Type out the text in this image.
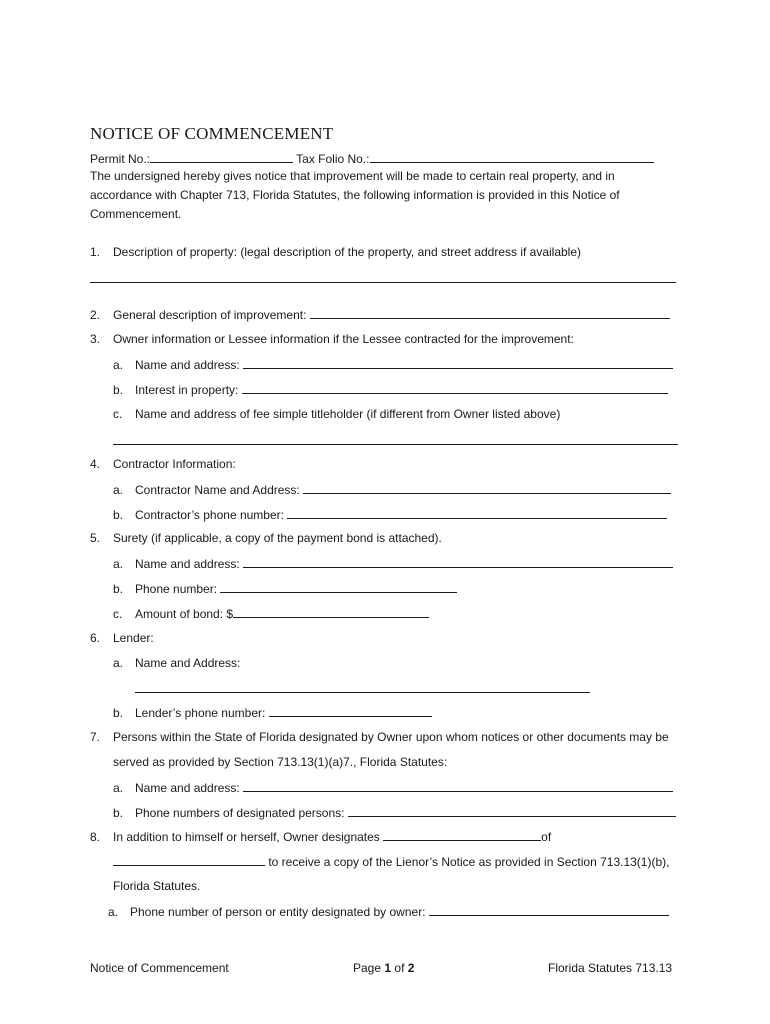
NOTICE OF COMMENCEMENT
Permit No.:	Tax Folio No.:
The undersigned hereby gives notice that improvement will be made to certain real property, and in
accordance with Chapter 713, Florida Statutes, the following information is provided in this Notice of
Commencement.
1. Description of property: (legal description of the property, and street address if available)
2. General description of improvement:
3. Owner information or Lessee information if the Lessee contracted for the improvement:
a. Name and address:
b. Interest in property:
c. Name and address of fee simple titleholder (if different from Owner listed above)
4. Contractor Information:
a. Contractor Name and Address:
b. Contractor’s phone number:
5. Surety (if applicable, a copy of the payment bond is attached).
a. Name and address:
b. Phone number:
c. Amount of bond: $
6. Lender:
a. Name and Address:
b. Lender’s phone number:
7. Persons within the State of Florida designated by Owner upon whom notices or other documents may be
served as provided by Section 713.13(1)(a)7., Florida Statutes:
a. Name and address:
b. Phone numbers of designated persons:
8. In addition to himself or herself, Owner designates	of
to receive a copy of the Lienor’s Notice as provided in Section 713.13(1)(b),
Florida Statutes.
a. Phone number of person or entity designated by owner:
Notice of Commencement	Page 1 of 2	Florida Statutes 713.13
